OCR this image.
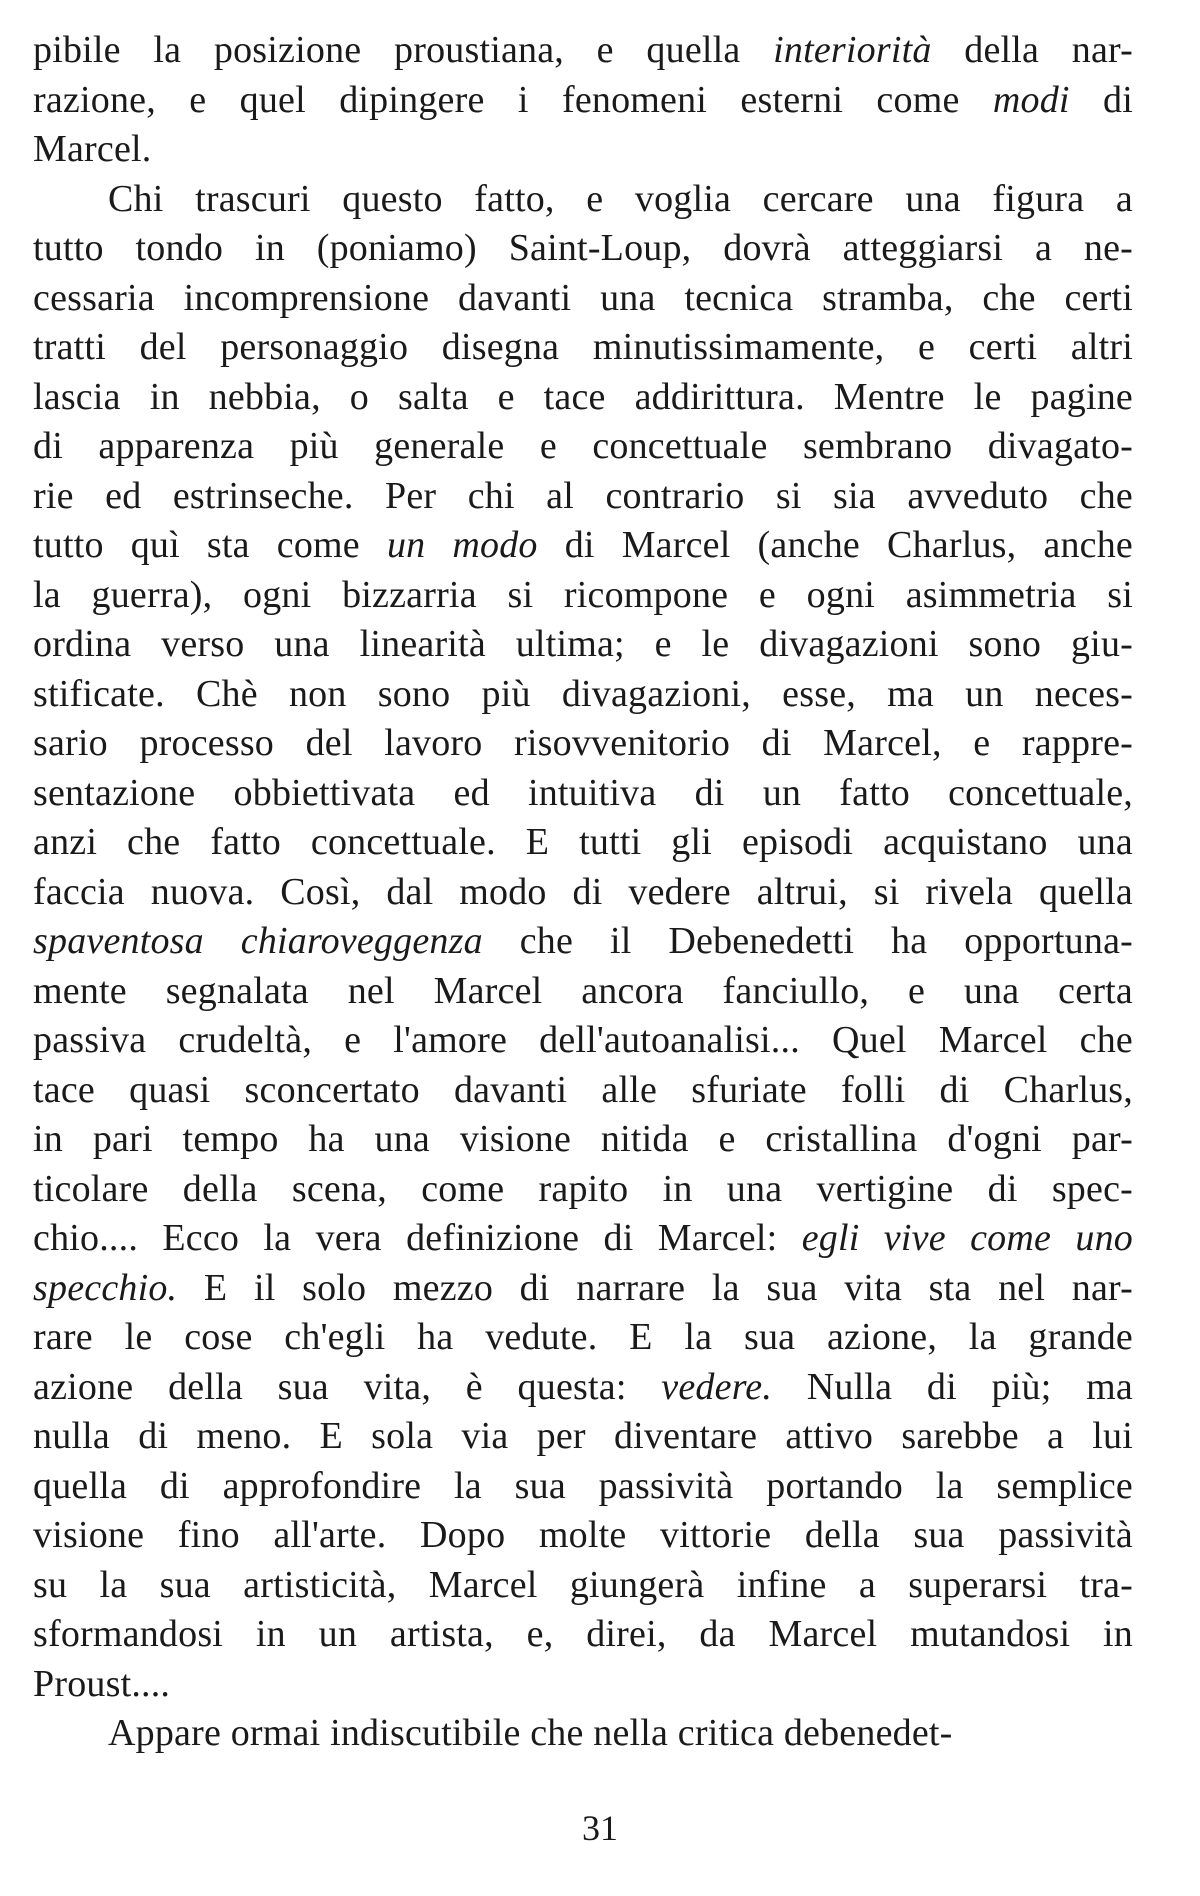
pibile la posizione proustiana, e quella interiorità della nar-
razione, e quel dipingere i fenomeni esterni come modi di
Marcel.
Chi trascuri questo fatto, e voglia cercare una figura a
tutto tondo in (poniamo) Saint-Loup, dovrà atteggiarsi a ne-
cessaria incomprensione davanti una tecnica stramba, che certi
tratti del personaggio disegna minutissimamente, e certi altri
lascia in nebbia, o salta e tace addirittura. Mentre le pagine
di apparenza più generale e concettuale sembrano divagato-
rie ed estrinseche. Per chi al contrario si sia avveduto che
tutto quì sta come un modo di Marcel (anche Charlus, anche
la guerra), ogni bizzarria si ricompone e ogni asimmetria si
ordina verso una linearità ultima; e le divagazioni sono giu-
stificate. Chè non sono più divagazioni, esse, ma un neces-
sario processo del lavoro risovvenitorio di Marcel, e rappre-
sentazione obbiettivata ed intuitiva di un fatto concettuale,
anzi che fatto concettuale. E tutti gli episodi acquistano una
faccia nuova. Così, dal modo di vedere altrui, si rivela quella
spaventosa chiaroveggenza che il Debenedetti ha opportuna-
mente segnalata nel Marcel ancora fanciullo, e una certa
passiva crudeltà, e l'amore dell'autoanalisi... Quel Marcel che
tace quasi sconcertato davanti alle sfuriate folli di Charlus,
in pari tempo ha una visione nitida e cristallina d'ogni par-
ticolare della scena, come rapito in una vertigine di spec-
chio.... Ecco la vera definizione di Marcel: egli vive come uno
specchio. E il solo mezzo di narrare la sua vita sta nel nar-
rare le cose ch'egli ha vedute. E la sua azione, la grande
azione della sua vita, è questa: vedere. Nulla di più; ma
nulla di meno. E sola via per diventare attivo sarebbe a lui
quella di approfondire la sua passività portando la semplice
visione fino all'arte. Dopo molte vittorie della sua passività
su la sua artisticità, Marcel giungerà infine a superarsi tra-
sformandosi in un artista, e, direi, da Marcel mutandosi in
Proust....
Appare ormai indiscutibile che nella critica debenedet-
31
